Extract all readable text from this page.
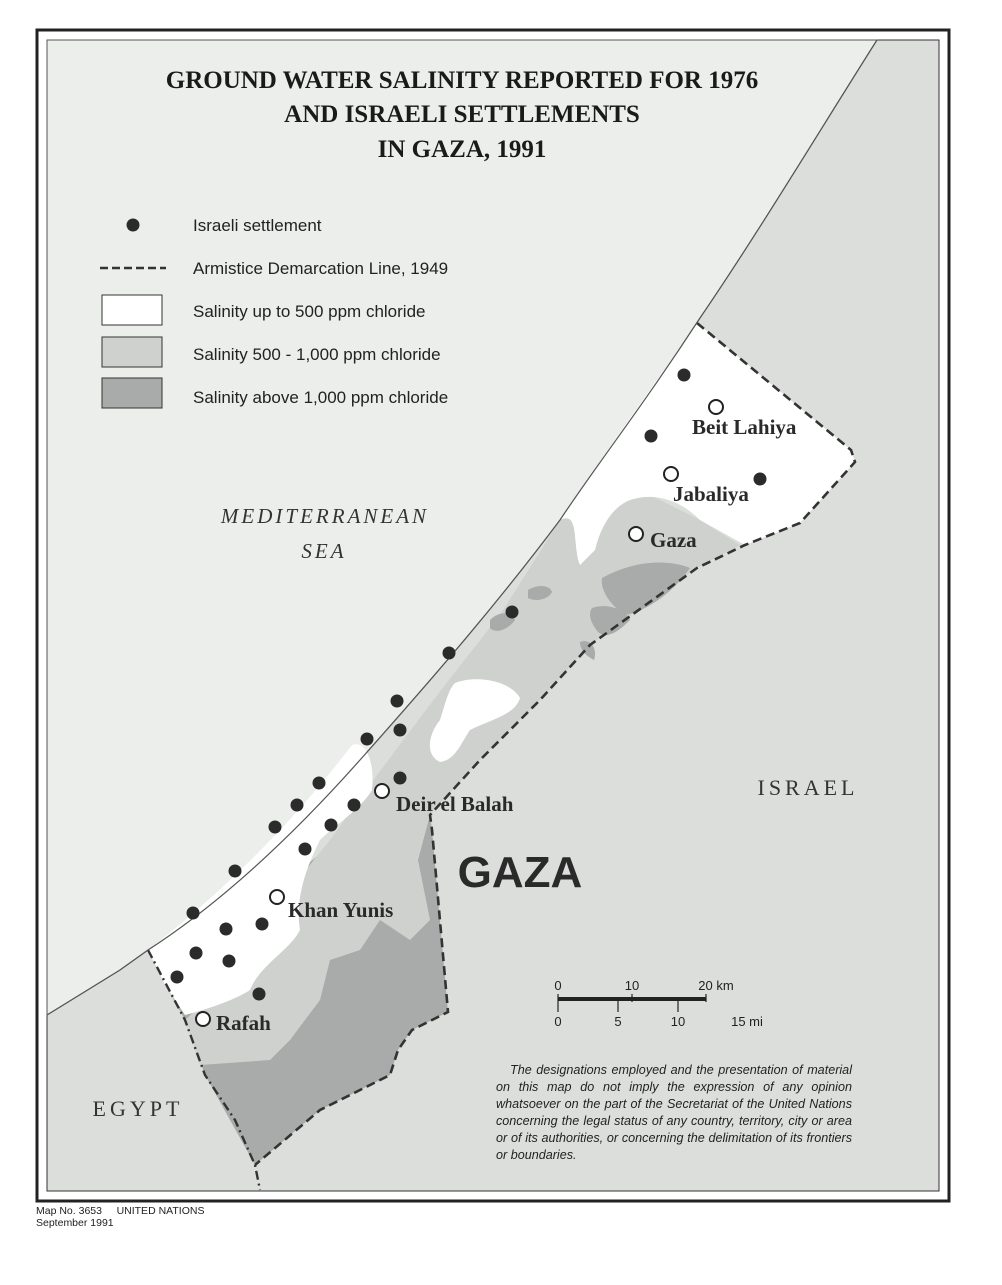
GROUND WATER SALINITY REPORTED FOR 1976
AND ISRAELI SETTLEMENTS
IN GAZA, 1991
Israeli settlement
Armistice Demarcation Line, 1949
Salinity up to 500 ppm chloride
Salinity 500 - 1,000 ppm chloride
Salinity above 1,000 ppm chloride
MEDITERRANEAN
SEA
ISRAEL
EGYPT
GAZA
Beit Lahiya
Jabaliya
Gaza
Deir el Balah
Khan Yunis
Rafah
0	10	20 km
0	5	10	15 mi

The designations employed and the presentation of material on this map do not imply the expression of any opinion whatsoever on the part of the Secretariat of the United Nations concerning the legal status of any country, territory, city or area or of its authorities, or concerning the delimitation of its frontiers or boundaries.

Map No. 3653 UNITED NATIONS
September 1991
